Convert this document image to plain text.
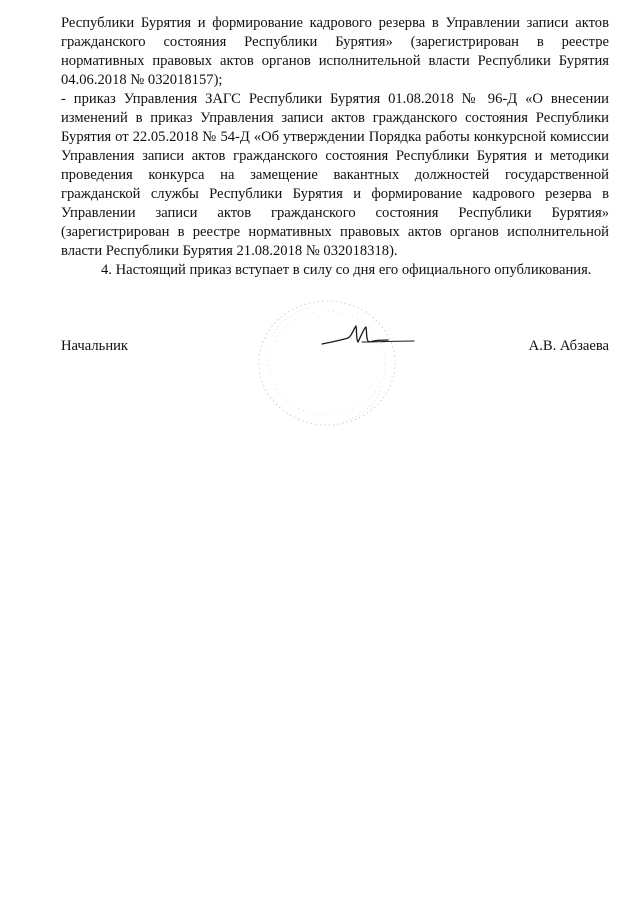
Республики Бурятия и формирование кадрового резерва в Управлении записи актов гражданского состояния Республики Бурятия» (зарегистрирован в реестре нормативных правовых актов органов исполнительной власти Республики Бурятия 04.06.2018 № 032018157);

- приказ Управления ЗАГС Республики Бурятия 01.08.2018 № 96-Д «О внесении изменений в приказ Управления записи актов гражданского состояния Республики Бурятия от 22.05.2018 № 54-Д «Об утверждении Порядка работы конкурсной комиссии Управления записи актов гражданского состояния Республики Бурятия и методики проведения конкурса на замещение вакантных должностей государственной гражданской службы Республики Бурятия и формирование кадрового резерва в Управлении записи актов гражданского состояния Республики Бурятия» (зарегистрирован в реестре нормативных правовых актов органов исполнительной власти Республики Бурятия 21.08.2018 № 032018318).

4. Настоящий приказ вступает в силу со дня его официального опубликования.

Начальник	А.В. Абзаева
